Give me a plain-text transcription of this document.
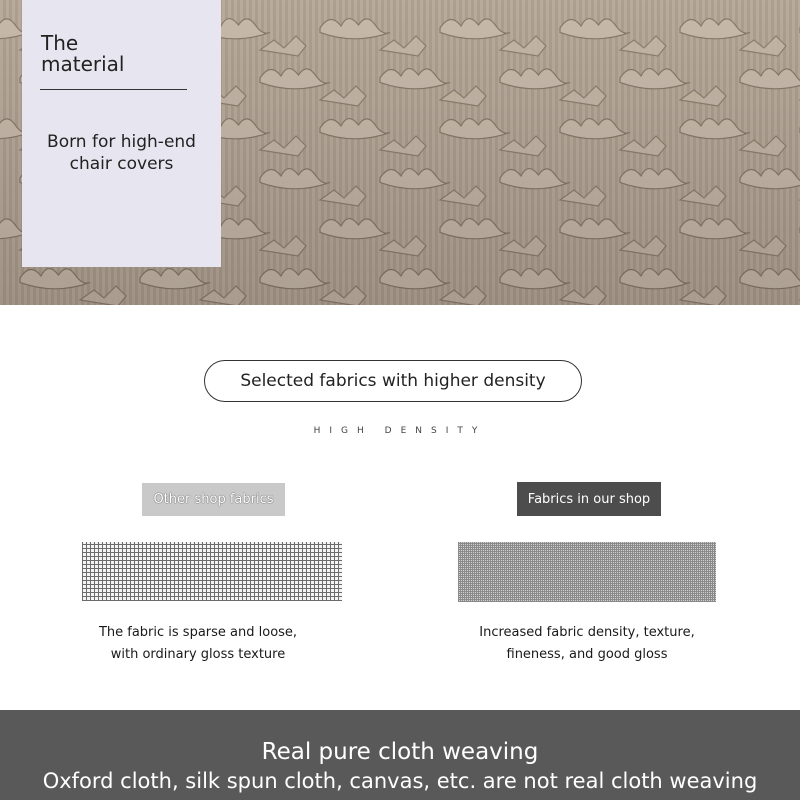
The
material
Born for high-end
chair covers
Selected fabrics with higher density
HIGH DENSITY
Other shop fabrics	Fabrics in our shop
The fabric is sparse and loose,
with ordinary gloss texture
Increased fabric density, texture,
fineness, and good gloss
Real pure cloth weaving
Oxford cloth, silk spun cloth, canvas, etc. are not real cloth weaving
